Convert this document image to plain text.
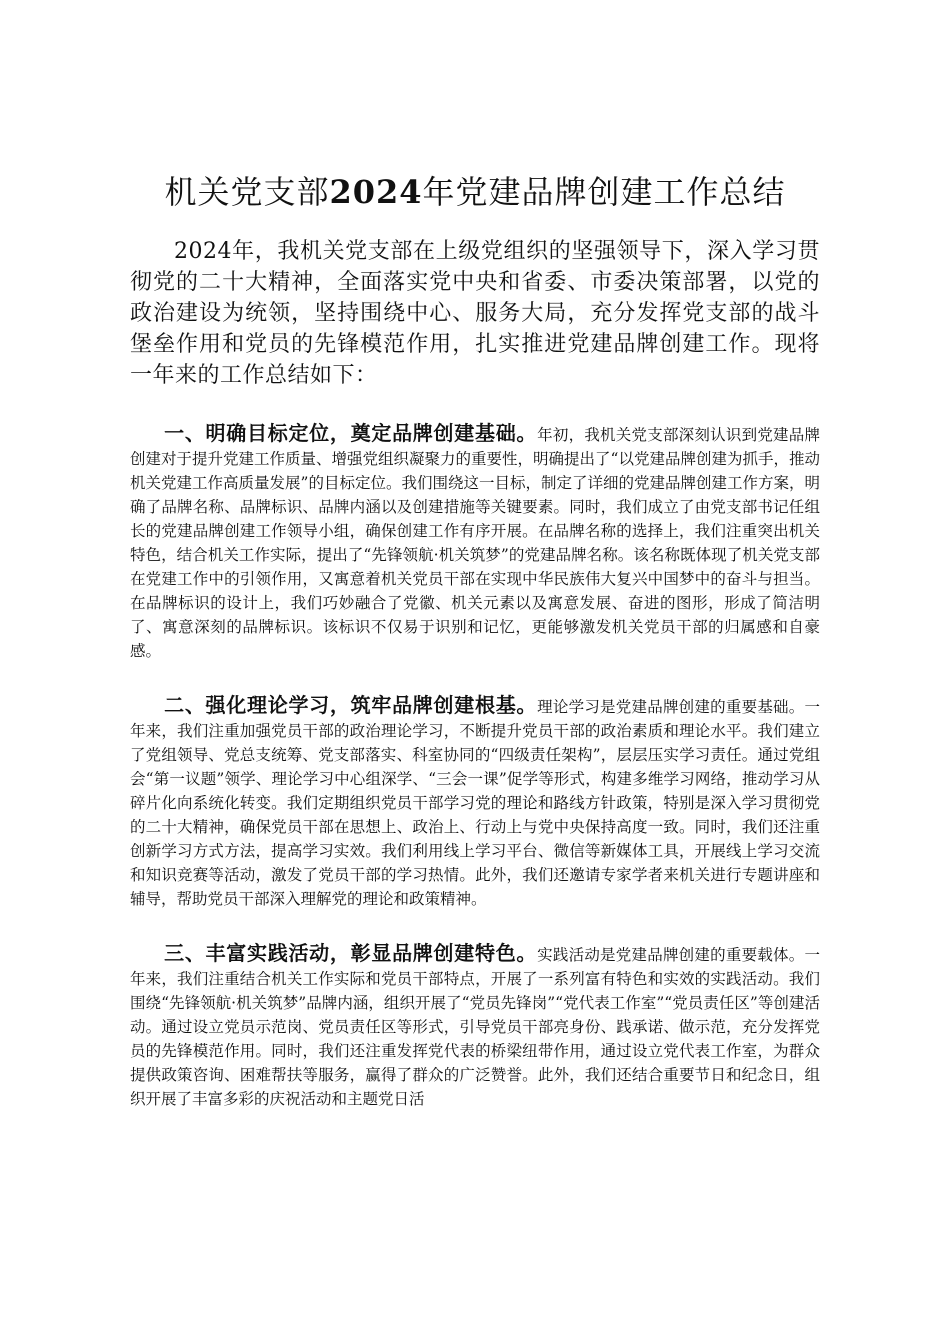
机关党支部2024年党建品牌创建工作总结

2024年，我机关党支部在上级党组织的坚强领导下，深入学习贯彻党的二十大精神，全面落实党中央和省委、市委决策部署，以党的政治建设为统领，坚持围绕中心、服务大局，充分发挥党支部的战斗堡垒作用和党员的先锋模范作用，扎实推进党建品牌创建工作。现将一年来的工作总结如下：

一、明确目标定位，奠定品牌创建基础。年初，我机关党支部深刻认识到党建品牌创建对于提升党建工作质量、增强党组织凝聚力的重要性，明确提出了“以党建品牌创建为抓手，推动机关党建工作高质量发展”的目标定位。我们围绕这一目标，制定了详细的党建品牌创建工作方案，明确了品牌名称、品牌标识、品牌内涵以及创建措施等关键要素。同时，我们成立了由党支部书记任组长的党建品牌创建工作领导小组，确保创建工作有序开展。在品牌名称的选择上，我们注重突出机关特色，结合机关工作实际，提出了“先锋领航·机关筑梦”的党建品牌名称。该名称既体现了机关党支部在党建工作中的引领作用，又寓意着机关党员干部在实现中华民族伟大复兴中国梦中的奋斗与担当。在品牌标识的设计上，我们巧妙融合了党徽、机关元素以及寓意发展、奋进的图形，形成了简洁明了、寓意深刻的品牌标识。该标识不仅易于识别和记忆，更能够激发机关党员干部的归属感和自豪感。

二、强化理论学习，筑牢品牌创建根基。理论学习是党建品牌创建的重要基础。一年来，我们注重加强党员干部的政治理论学习，不断提升党员干部的政治素质和理论水平。我们建立了党组领导、党总支统筹、党支部落实、科室协同的“四级责任架构”，层层压实学习责任。通过党组会“第一议题”领学、理论学习中心组深学、“三会一课”促学等形式，构建多维学习网络，推动学习从碎片化向系统化转变。我们定期组织党员干部学习党的理论和路线方针政策，特别是深入学习贯彻党的二十大精神，确保党员干部在思想上、政治上、行动上与党中央保持高度一致。同时，我们还注重创新学习方式方法，提高学习实效。我们利用线上学习平台、微信等新媒体工具，开展线上学习交流和知识竞赛等活动，激发了党员干部的学习热情。此外，我们还邀请专家学者来机关进行专题讲座和辅导，帮助党员干部深入理解党的理论和政策精神。

三、丰富实践活动，彰显品牌创建特色。实践活动是党建品牌创建的重要载体。一年来，我们注重结合机关工作实际和党员干部特点，开展了一系列富有特色和实效的实践活动。我们围绕“先锋领航·机关筑梦”品牌内涵，组织开展了“党员先锋岗”“党代表工作室”“党员责任区”等创建活动。通过设立党员示范岗、党员责任区等形式，引导党员干部亮身份、践承诺、做示范，充分发挥党员的先锋模范作用。同时，我们还注重发挥党代表的桥梁纽带作用，通过设立党代表工作室，为群众提供政策咨询、困难帮扶等服务，赢得了群众的广泛赞誉。此外，我们还结合重要节日和纪念日，组织开展了丰富多彩的庆祝活动和主题党日活
